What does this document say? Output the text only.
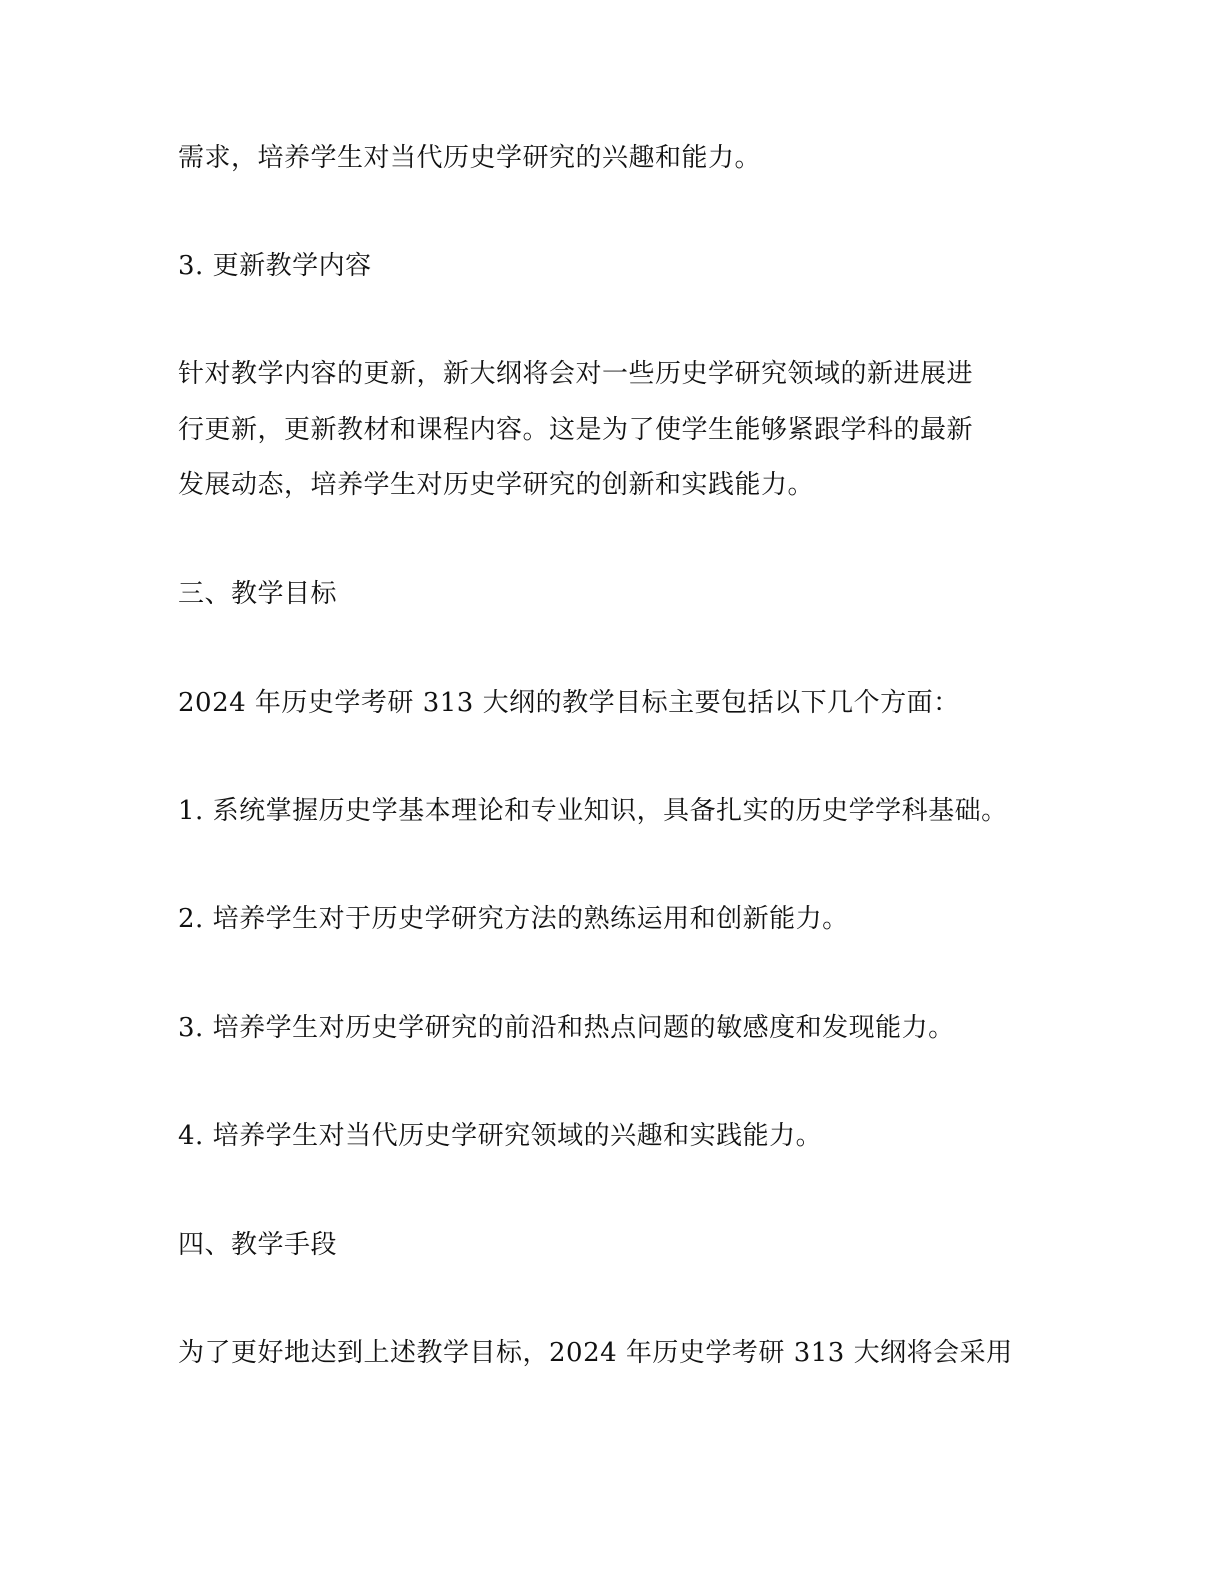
需求，培养学生对当代历史学研究的兴趣和能力。
3. 更新教学内容
针对教学内容的更新，新大纲将会对一些历史学研究领域的新进展进
行更新，更新教材和课程内容。这是为了使学生能够紧跟学科的最新
发展动态，培养学生对历史学研究的创新和实践能力。
三、教学目标
2024 年历史学考研 313 大纲的教学目标主要包括以下几个方面：
1. 系统掌握历史学基本理论和专业知识，具备扎实的历史学学科基础。
2. 培养学生对于历史学研究方法的熟练运用和创新能力。
3. 培养学生对历史学研究的前沿和热点问题的敏感度和发现能力。
4. 培养学生对当代历史学研究领域的兴趣和实践能力。
四、教学手段
为了更好地达到上述教学目标，2024 年历史学考研 313 大纲将会采用
